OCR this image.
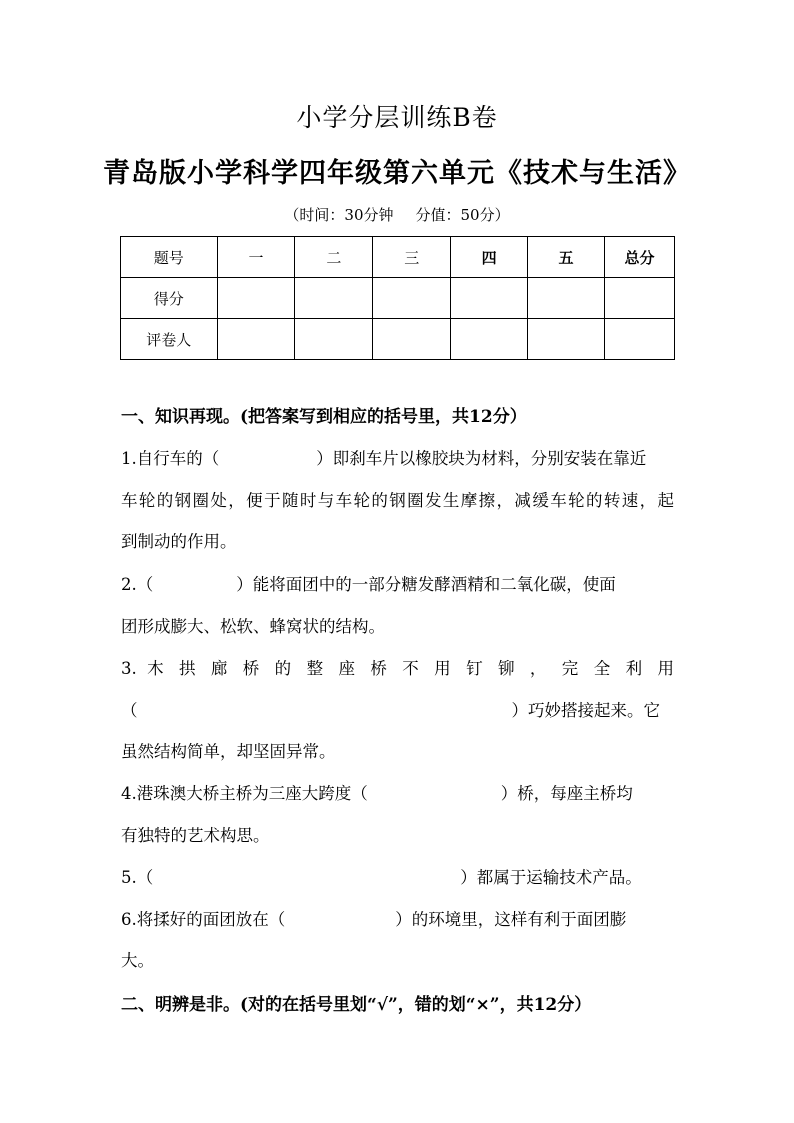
小学分层训练B卷
青岛版小学科学四年级第六单元《技术与生活》
（时间：30分钟 分值：50分）
题号	一	二	三	四	五	总分
得分						
评卷人						
一、知识再现。(把答案写到相应的括号里，共12分）
1.自行车的（	）即刹车片以橡胶块为材料，分别安装在靠近
车轮的钢圈处，便于随时与车轮的钢圈发生摩擦，减缓车轮的转速，起
到制动的作用。
2.（	）能将面团中的一部分糖发酵酒精和二氧化碳，使面
团形成膨大、松软、蜂窝状的结构。
3. 木 拱 廊 桥 的 整 座 桥 不 用 钉 铆 ， 完 全 利 用
（	）巧妙搭接起来。它
虽然结构简单，却坚固异常。
4.港珠澳大桥主桥为三座大跨度（	）桥，每座主桥均
有独特的艺术构思。
5.（	）都属于运输技术产品。
6.将揉好的面团放在（	）的环境里，这样有利于面团膨
大。
二、明辨是非。(对的在括号里划“√”，错的划“×”，共12分）
